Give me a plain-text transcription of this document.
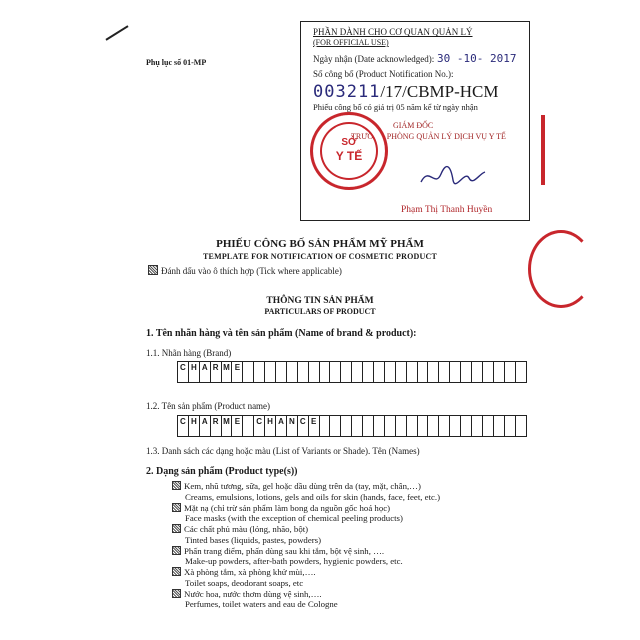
Phụ lục số 01-MP
PHẦN DÀNH CHO CƠ QUAN QUẢN LÝ
(FOR OFFICIAL USE)
Ngày nhận (Date acknowledged): 30 -10- 2017
Số công bố (Product Notification No.):
003211/17/CBMP-HCM
Phiếu công bố có giá trị 05 năm kể từ ngày nhận
GIÁM ĐỐC
TRƯỞNG PHÒNG QUẢN LÝ DỊCH VỤ Y TẾ
Phạm Thị Thanh Huyền
SỞ
Y TẾ
PHIẾU CÔNG BỐ SẢN PHẨM MỸ PHẨM
TEMPLATE FOR NOTIFICATION OF COSMETIC PRODUCT
Đánh dấu vào ô thích hợp (Tick where applicable)
THÔNG TIN SẢN PHẨM
PARTICULARS OF PRODUCT
1. Tên nhãn hàng và tên sản phẩm (Name of brand & product):
1.1. Nhãn hàng (Brand)
C H A R M E
1.2. Tên sản phẩm (Product name)
C H A R M E	C H A N C E
1.3. Danh sách các dạng hoặc màu (List of Variants or Shade). Tên (Names)
2. Dạng sản phẩm (Product type(s))
Kem, nhũ tương, sữa, gel hoặc dầu dùng trên da (tay, mặt, chân,…)
Creams, emulsions, lotions, gels and oils for skin (hands, face, feet, etc.)
Mặt nạ (chỉ trừ sản phẩm làm bong da nguồn gốc hoá học)
Face masks (with the exception of chemical peeling products)
Các chất phủ màu (lỏng, nhão, bột)
Tinted bases (liquids, pastes, powders)
Phấn trang điểm, phấn dùng sau khi tắm, bột vệ sinh, ….
Make-up powders, after-bath powders, hygienic powders, etc.
Xà phòng tắm, xà phòng khử mùi,….
Toilet soaps, deodorant soaps, etc
Nước hoa, nước thơm dùng vệ sinh,….
Perfumes, toilet waters and eau de Cologne
